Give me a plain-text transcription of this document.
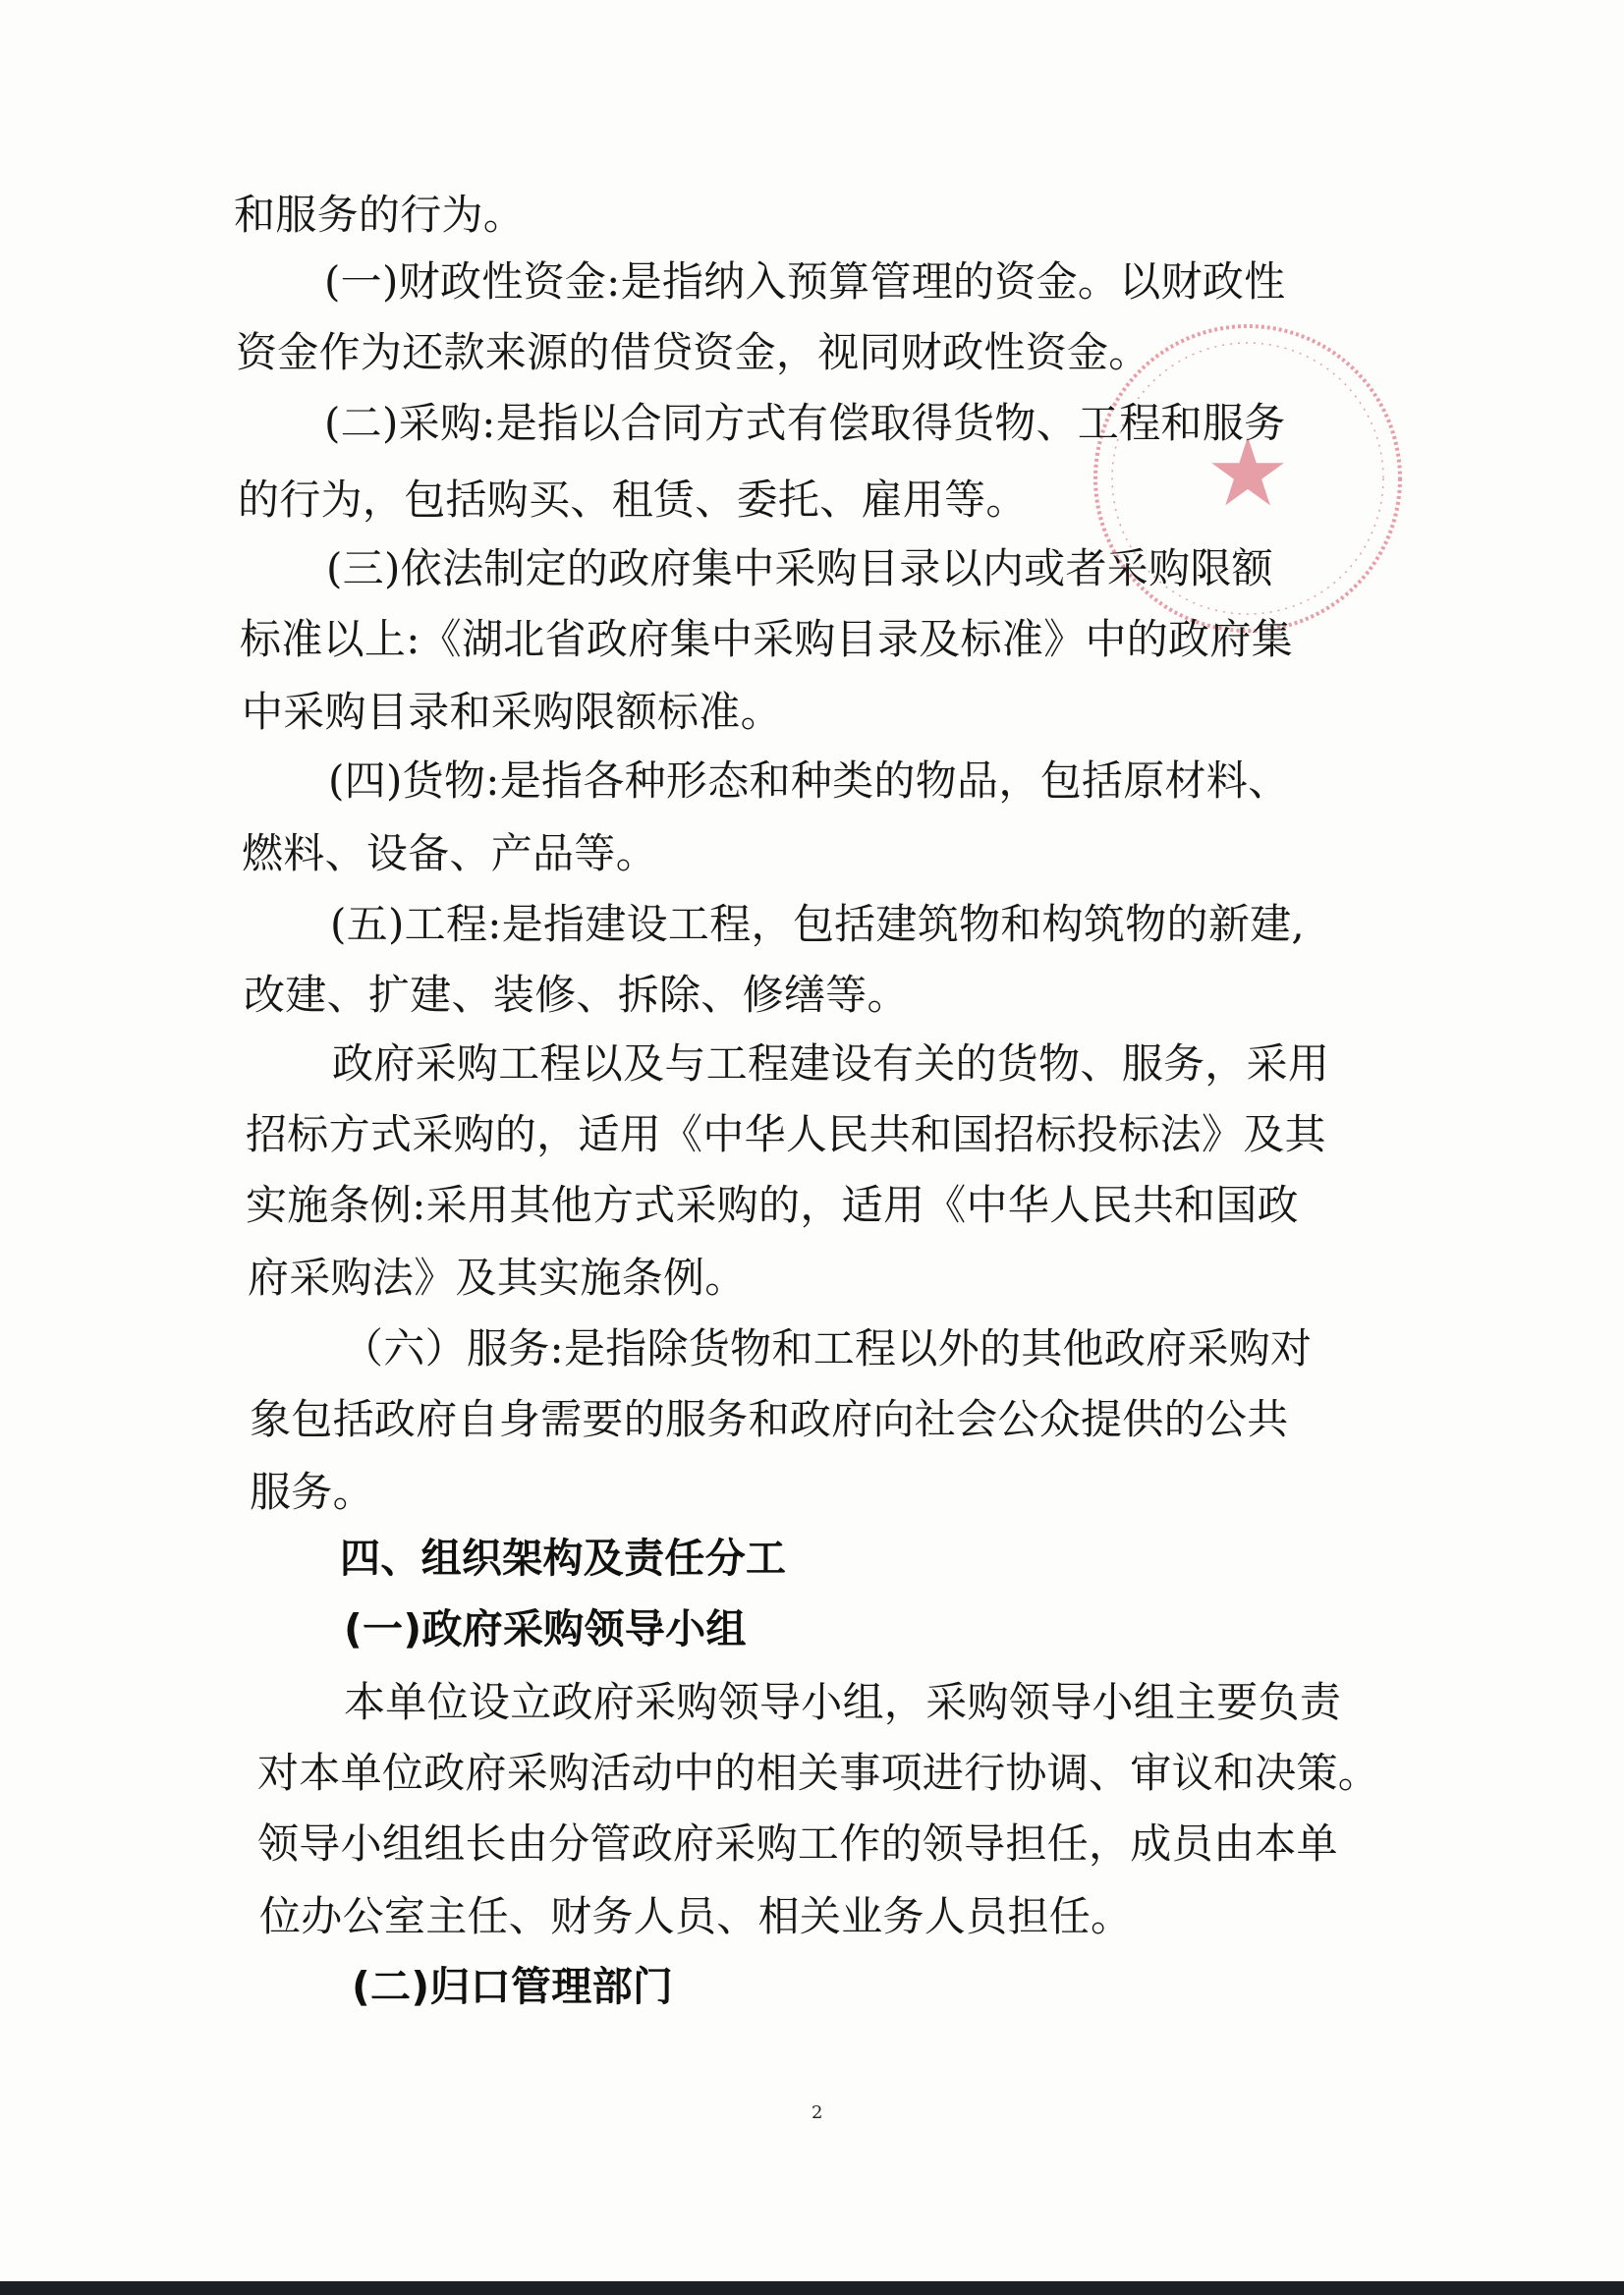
★
和服务的行为。
(一)财政性资金:是指纳入预算管理的资金。以财政性
资金作为还款来源的借贷资金，视同财政性资金。
(二)采购:是指以合同方式有偿取得货物、工程和服务
的行为，包括购买、租赁、委托、雇用等。
(三)依法制定的政府集中采购目录以内或者采购限额
标准以上:《湖北省政府集中采购目录及标准》中的政府集
中采购目录和采购限额标准。
(四)货物:是指各种形态和种类的物品，包括原材料、
燃料、设备、产品等。
(五)工程:是指建设工程，包括建筑物和构筑物的新建,
改建、扩建、装修、拆除、修缮等。
政府采购工程以及与工程建设有关的货物、服务，采用
招标方式采购的，适用《中华人民共和国招标投标法》及其
实施条例:采用其他方式采购的，适用《中华人民共和国政
府采购法》及其实施条例。
（六）服务:是指除货物和工程以外的其他政府采购对
象包括政府自身需要的服务和政府向社会公众提供的公共
服务。
四、组织架构及责任分工
(一)政府采购领导小组
本单位设立政府采购领导小组，采购领导小组主要负责
对本单位政府采购活动中的相关事项进行协调、审议和决策。
领导小组组长由分管政府采购工作的领导担任，成员由本单
位办公室主任、财务人员、相关业务人员担任。
(二)归口管理部门
2
